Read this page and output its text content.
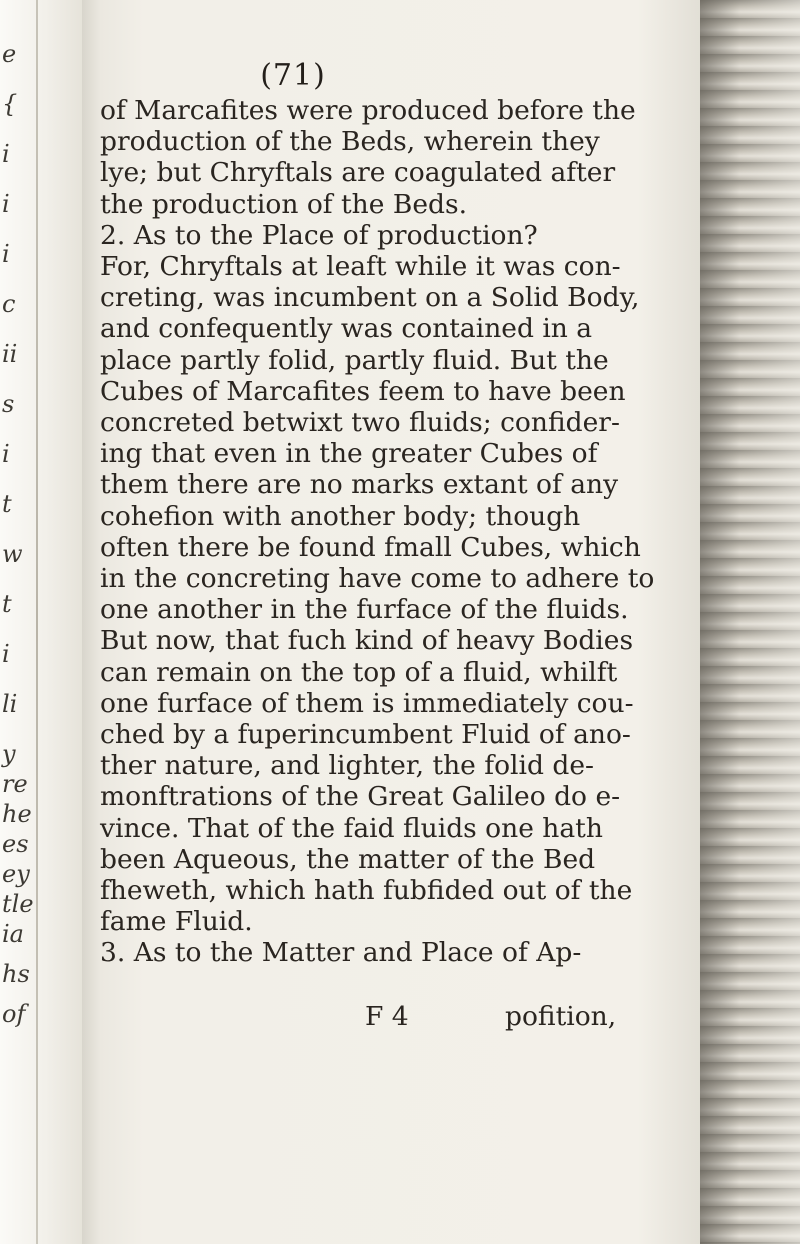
e
{
i
i
i
c
ii
s
i
t
w
t
i
li
y
re
he
es
ey
tle
ia
hs
of
(71)
of Marcafites were produced before the
production of the Beds, wherein they
lye; but Chryftals are coagulated after
the production of the Beds.
2. As to the Place of production?
For, Chryftals at leaft while it was con-
creting, was incumbent on a Solid Body,
and confequently was contained in a
place partly folid, partly fluid. But the
Cubes of Marcafites feem to have been
concreted betwixt two fluids; confider-
ing that even in the greater Cubes of
them there are no marks extant of any
cohefion with another body; though
often there be found fmall Cubes, which
in the concreting have come to adhere to
one another in the furface of the fluids.
But now, that fuch kind of heavy Bodies
can remain on the top of a fluid, whilft
one furface of them is immediately cou-
ched by a fuperincumbent Fluid of ano-
ther nature, and lighter, the folid de-
monftrations of the Great Galileo do e-
vince. That of the faid fluids one hath
been Aqueous, the matter of the Bed
fheweth, which hath fubfided out of the
fame Fluid.
3. As to the Matter and Place of Ap-
F 4	pofition,
